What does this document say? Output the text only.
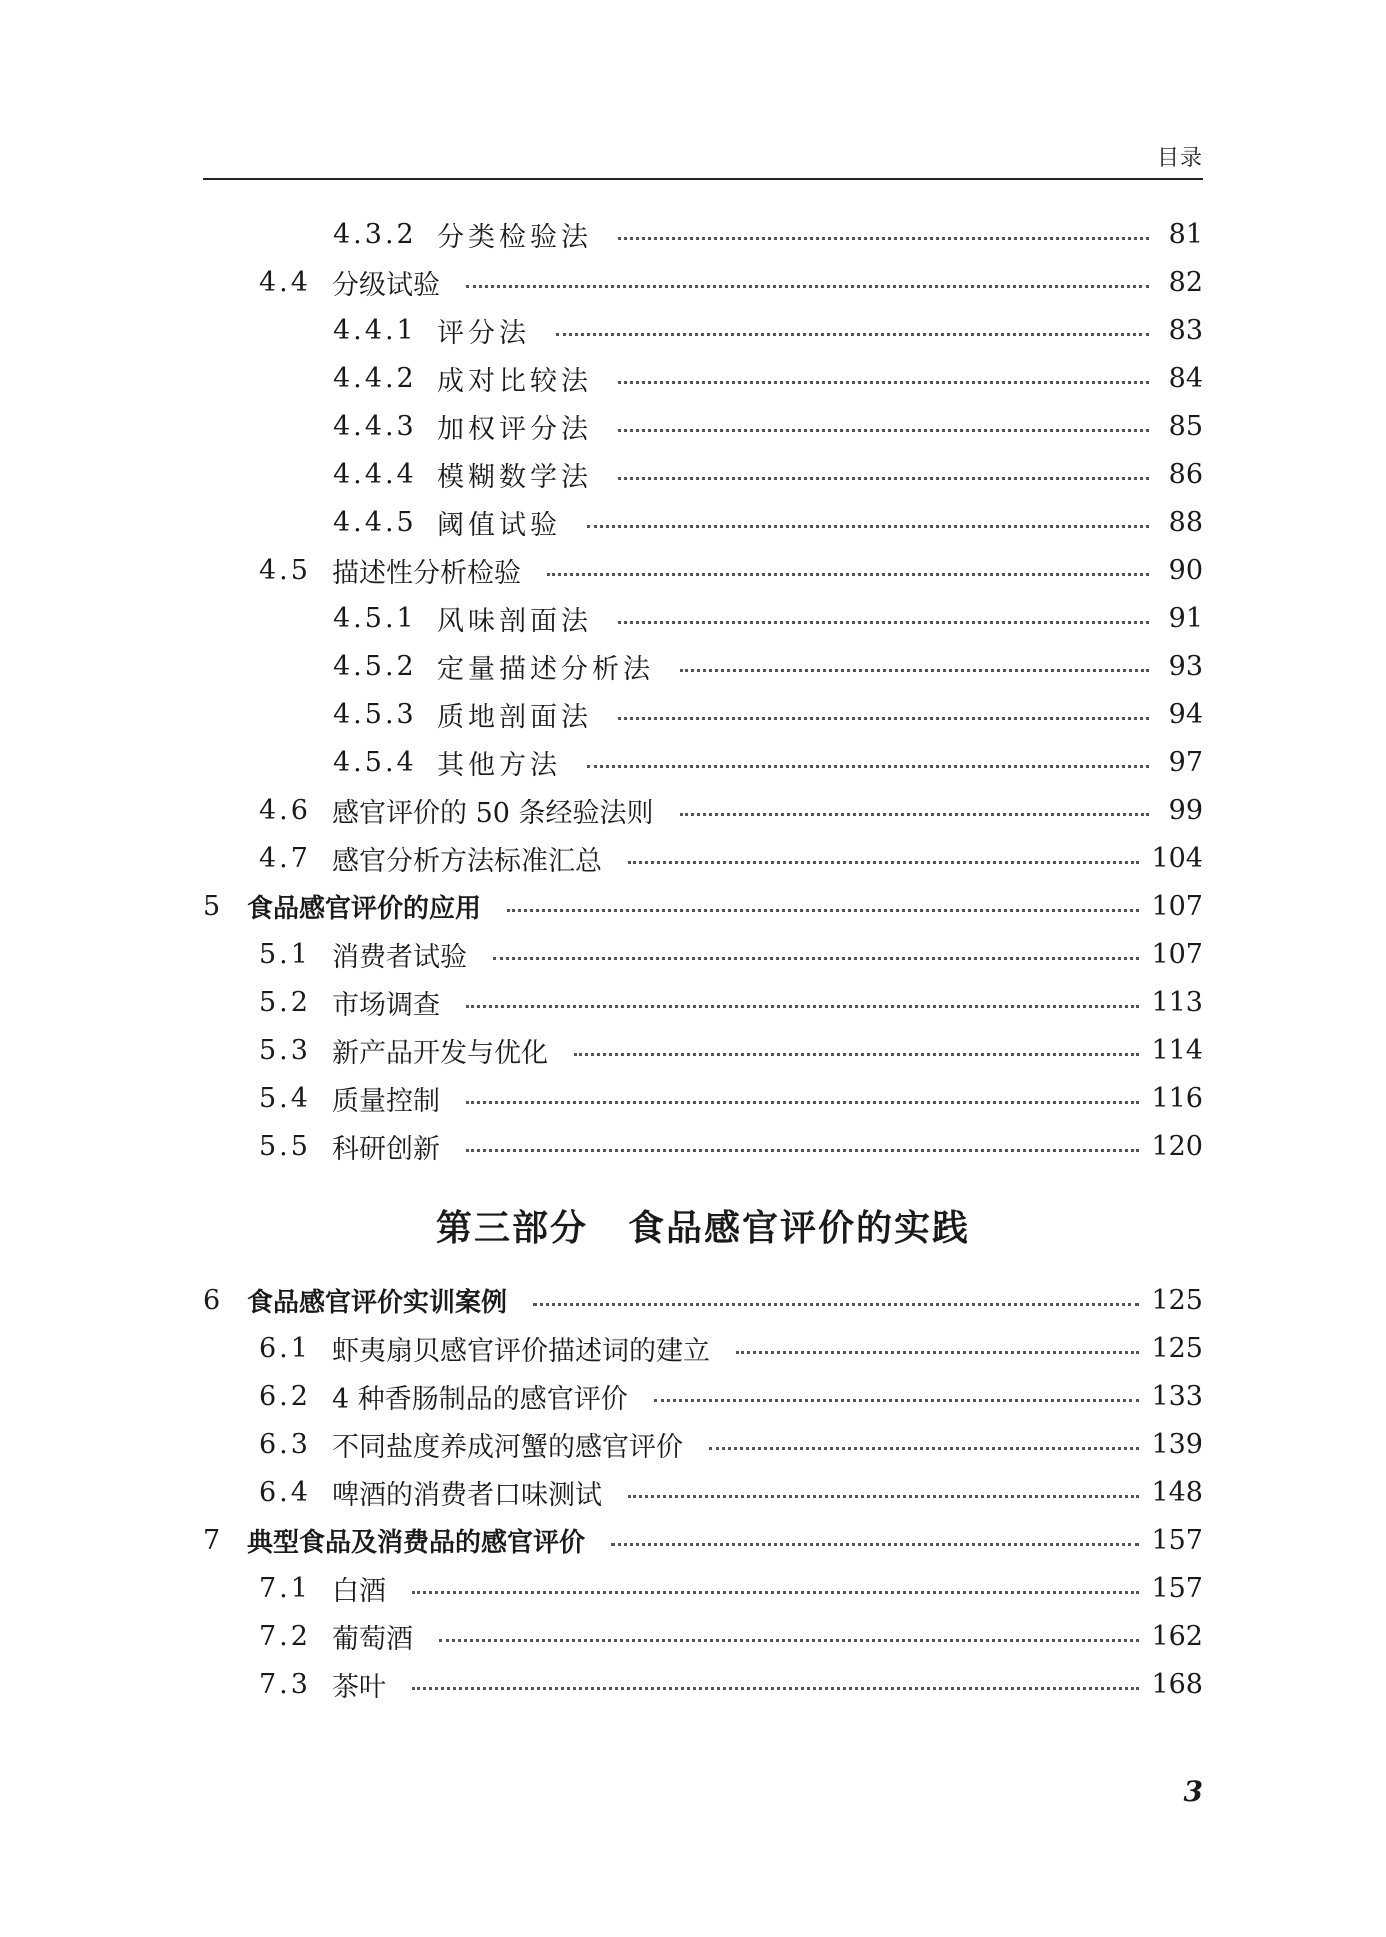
目录
4.3.2 分类检验法	81
4.4 分级试验	82
4.4.1 评分法	83
4.4.2 成对比较法	84
4.4.3 加权评分法	85
4.4.4 模糊数学法	86
4.4.5 阈值试验	88
4.5 描述性分析检验	90
4.5.1 风味剖面法	91
4.5.2 定量描述分析法	93
4.5.3 质地剖面法	94
4.5.4 其他方法	97
4.6 感官评价的 50 条经验法则	99
4.7 感官分析方法标准汇总	104
5 食品感官评价的应用	107
5.1 消费者试验	107
5.2 市场调查	113
5.3 新产品开发与优化	114
5.4 质量控制	116
5.5 科研创新	120
第三部分 食品感官评价的实践
6 食品感官评价实训案例	125
6.1 虾夷扇贝感官评价描述词的建立	125
6.2 4 种香肠制品的感官评价	133
6.3 不同盐度养成河蟹的感官评价	139
6.4 啤酒的消费者口味测试	148
7 典型食品及消费品的感官评价	157
7.1 白酒	157
7.2 葡萄酒	162
7.3 茶叶	168
3
